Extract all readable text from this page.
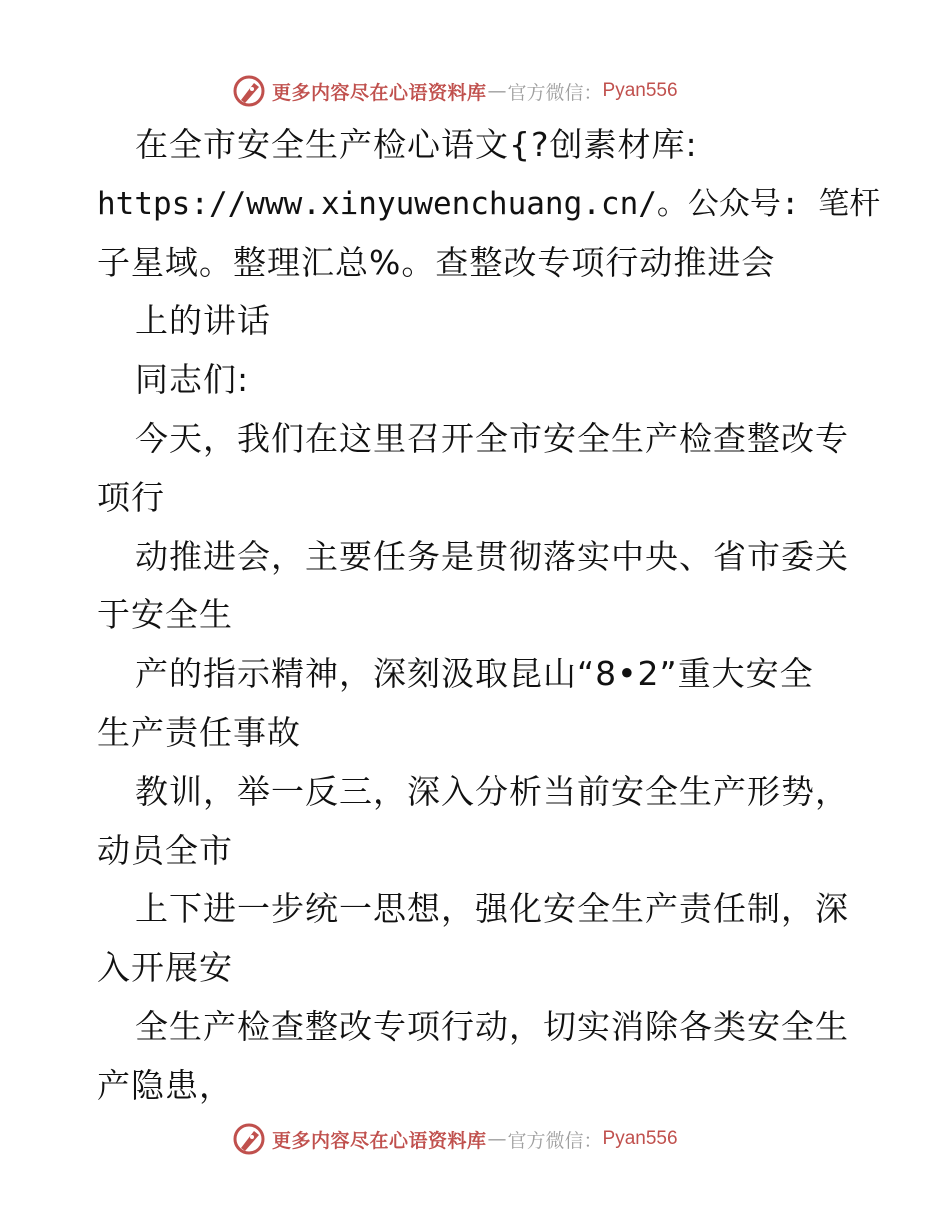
更多内容尽在心语资料库 — 官方微信： Pyan556
在全市安全生产检心语文{?创素材库:
https://www.xinyuwenchuang.cn/。公众号: 笔杆
子星域。整理汇总%。查整改专项行动推进会
上的讲话
同志们:
今天，我们在这里召开全市安全生产检查整改专
项行
动推进会，主要任务是贯彻落实中央、省市委关
于安全生
产的指示精神，深刻汲取昆山“8•2”重大安全
生产责任事故
教训，举一反三，深入分析当前安全生产形势，
动员全市
上下进一步统一思想，强化安全生产责任制，深
入开展安
全生产检查整改专项行动，切实消除各类安全生
产隐患，
更多内容尽在心语资料库 — 官方微信： Pyan556
